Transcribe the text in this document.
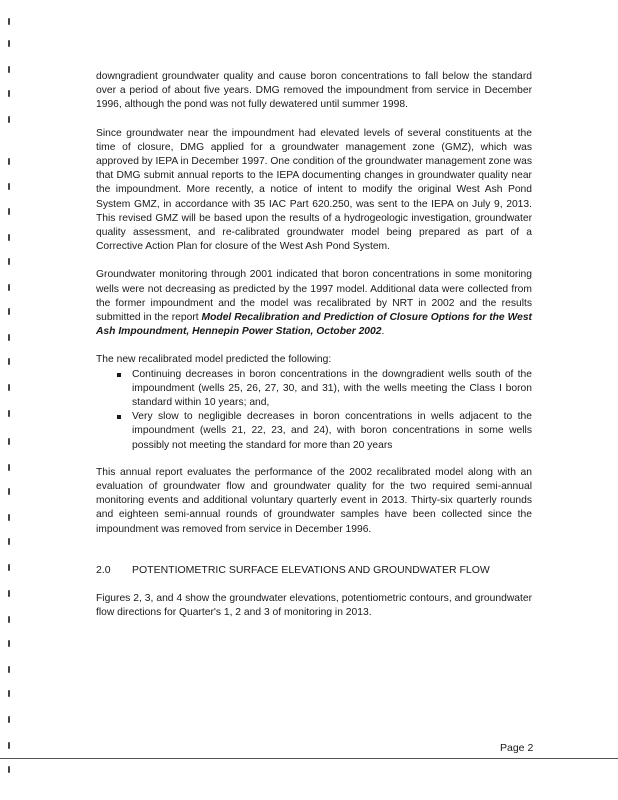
downgradient groundwater quality and cause boron concentrations to fall below the standard over a period of about five years. DMG removed the impoundment from service in December 1996, although the pond was not fully dewatered until summer 1998.

Since groundwater near the impoundment had elevated levels of several constituents at the time of closure, DMG applied for a groundwater management zone (GMZ), which was approved by IEPA in December 1997. One condition of the groundwater management zone was that DMG submit annual reports to the IEPA documenting changes in groundwater quality near the impoundment. More recently, a notice of intent to modify the original West Ash Pond System GMZ, in accordance with 35 IAC Part 620.250, was sent to the IEPA on July 9, 2013. This revised GMZ will be based upon the results of a hydrogeologic investigation, groundwater quality assessment, and re-calibrated groundwater model being prepared as part of a Corrective Action Plan for closure of the West Ash Pond System.

Groundwater monitoring through 2001 indicated that boron concentrations in some monitoring wells were not decreasing as predicted by the 1997 model. Additional data were collected from the former impoundment and the model was recalibrated by NRT in 2002 and the results submitted in the report Model Recalibration and Prediction of Closure Options for the West Ash Impoundment, Hennepin Power Station, October 2002.

The new recalibrated model predicted the following:

Continuing decreases in boron concentrations in the downgradient wells south of the impoundment (wells 25, 26, 27, 30, and 31), with the wells meeting the Class I boron standard within 10 years; and,
Very slow to negligible decreases in boron concentrations in wells adjacent to the impoundment (wells 21, 22, 23, and 24), with boron concentrations in some wells possibly not meeting the standard for more than 20 years

This annual report evaluates the performance of the 2002 recalibrated model along with an evaluation of groundwater flow and groundwater quality for the two required semi-annual monitoring events and additional voluntary quarterly event in 2013. Thirty-six quarterly rounds and eighteen semi-annual rounds of groundwater samples have been collected since the impoundment was removed from service in December 1996.

2.0	POTENTIOMETRIC SURFACE ELEVATIONS AND GROUNDWATER FLOW

Figures 2, 3, and 4 show the groundwater elevations, potentiometric contours, and groundwater flow directions for Quarter's 1, 2 and 3 of monitoring in 2013.

Page 2
